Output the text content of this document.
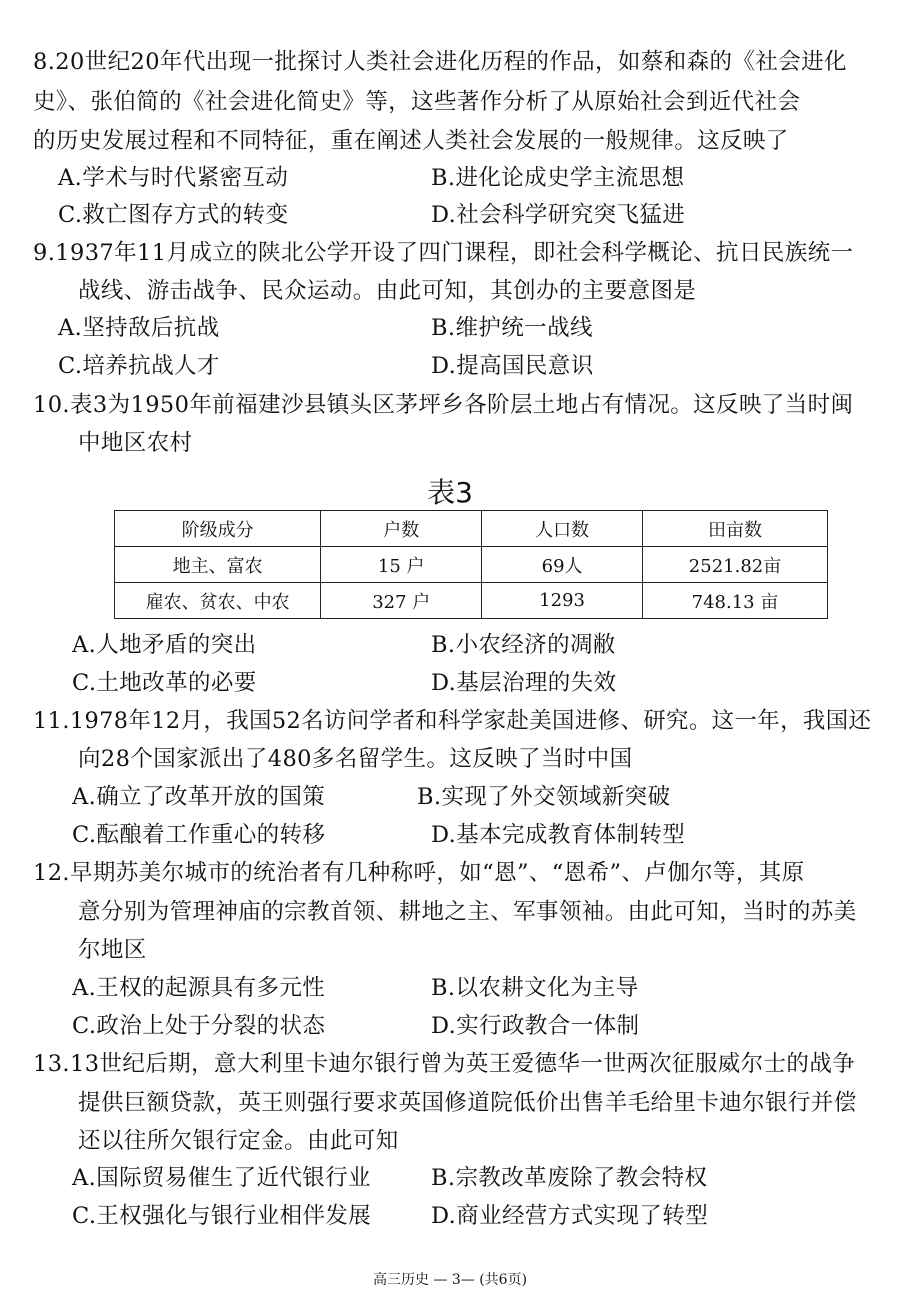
8.20世纪20年代出现一批探讨人类社会进化历程的作品，如蔡和森的《社会进化
史》、张伯简的《社会进化简史》等，这些著作分析了从原始社会到近代社会
的历史发展过程和不同特征，重在阐述人类社会发展的一般规律。这反映了
A.学术与时代紧密互动	B.进化论成史学主流思想
C.救亡图存方式的转变	D.社会科学研究突飞猛进
9.1937年11月成立的陕北公学开设了四门课程，即社会科学概论、抗日民族统一
战线、游击战争、民众运动。由此可知，其创办的主要意图是
A.坚持敌后抗战	B.维护统一战线
C.培养抗战人才	D.提高国民意识
10.表3为1950年前福建沙县镇头区茅坪乡各阶层土地占有情况。这反映了当时闽
中地区农村
表3
阶级成分	户数	人口数	田亩数
地主、富农	15 户	69人	2521.82亩
雇农、贫农、中农	327 户	1293	748.13 亩
A.人地矛盾的突出	B.小农经济的凋敝
C.土地改革的必要	D.基层治理的失效
11.1978年12月，我国52名访问学者和科学家赴美国进修、研究。这一年，我国还
向28个国家派出了480多名留学生。这反映了当时中国
A.确立了改革开放的国策	B.实现了外交领域新突破
C.酝酿着工作重心的转移	D.基本完成教育体制转型
12.早期苏美尔城市的统治者有几种称呼，如“恩”、“恩希”、卢伽尔等，其原
意分别为管理神庙的宗教首领、耕地之主、军事领袖。由此可知，当时的苏美
尔地区
A.王权的起源具有多元性	B.以农耕文化为主导
C.政治上处于分裂的状态	D.实行政教合一体制
13.13世纪后期，意大利里卡迪尔银行曾为英王爱德华一世两次征服威尔士的战争
提供巨额贷款，英王则强行要求英国修道院低价出售羊毛给里卡迪尔银行并偿
还以往所欠银行定金。由此可知
A.国际贸易催生了近代银行业	B.宗教改革废除了教会特权
C.王权强化与银行业相伴发展	D.商业经营方式实现了转型
高三历史 — 3— (共6页)
